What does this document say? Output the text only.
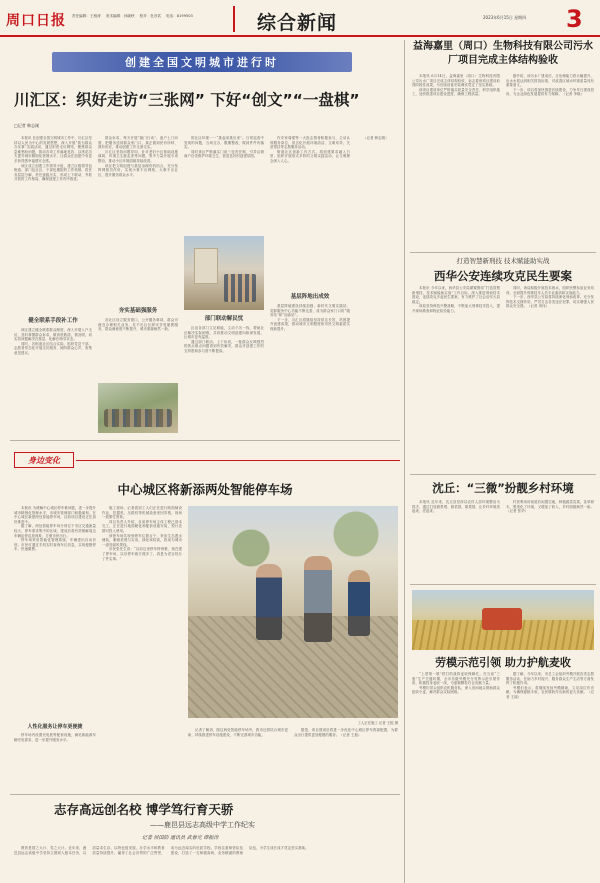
周口日报 责任编辑：王相涛 美术编辑：孙晓秋 校对：杜彦武 电话：8199503	综合新闻	2023年6月15日 星期四 3
创建全国文明城市进行时
川汇区：织好走访“三张网” 下好“创文”“一盘棋”
□记者 韩志刚

本报讯 在创建全国文明城市工作中，川汇区坚持以人民为中心的发展思想，深入开展“我为群众办实事”实践活动，通过织密走访网络，聚焦群众急难愁盼问题，推动各项工作落地见效，以绣花功夫提升城市精细化管理水平，让群众在创建中有更多获得感幸福感安全感。

该区成立创建工作领导小组，建立区级领导包街道、部门包社区、干部包楼院的工作机制，将任务层层分解，责任逐级压实，形成上下联动、齐抓共管的工作格局，确保创建工作有序推进。

健全联系手段补工作

该区建立健全联系群众制度，深入开展入户走访，及时掌握群众诉求，做到底数清、情况明，切实将问题解决在基层，化解在萌芽状态。

同时，各街道社区结合实际，组织党员干部、志愿者常态化开展走访服务，倾听群众心声，收集意见建议。

群众诉求，每天开展“敲门行动”，逐户上门问需，把服务送到群众家门口，真正做到民有所呼、我有所应，推动创建工作走深走实。

川汇区坚持问题导向，针对老旧小区基础设施薄弱、环境卫生脏乱差等问题，集中力量开展专项整治，推动小区环境面貌持续改善。

该区把文明创建与基层治理有机结合，充分发挥网格员作用，实现小事不出网格、大事不出社区，提升服务群众水平。

夯实基础强服务

各社区设立服务窗口，公开服务事项，群众可就近办理相关业务，足不出社区即可享受便捷服务，群众满意度不断提升，城市面貌焕然一新。

的社区环境一一“挑起来挑出来”。日常巡查中发现的问题，当场交办，限期整改，做到件件有落实。

同时该区严格落实门前三包责任制，引导沿街商户自觉维护环境卫生，营造良好的创建氛围。

部门联动解民忧

区直各部门立足职能，主动下沉一线，帮助社区解决实际困难，共同推动文明创建向纵深发展，让城市更有温度。

通过部门联动、上下协同，一批群众反映强烈的热点难点问题得到有效解决，群众对创建工作的支持度和参与度不断提高。

作安家周强等一大批志愿者积极参与，主动认领服务岗位，常态化开展环境清洁、文明劝导、关爱帮扶等志愿服务活动。

街道社区创新工作方式，将创建要求融入日常，组织开展形式多样的文明实践活动，让文明理念深入人心。

基层阵地出成效

基层阵地建设持续加强，新时代文明实践站、党群服务中心功能不断完善，成为群众家门口的“服务站”和“加油站”。

下一步，川汇区将继续坚持常态长效，巩固提升创建成果，推动城市文明程度和市民文明素质实现新提升。

（记者 韩志刚）

身边变化
中心城区将新添两处智能停车场

本报讯 为缓解中心城区停车难问题，进一步提升城市精细化管理水平，市城市管理部门积极谋划，在中心城区新建两处智能停车场，目前项目建设正在加快推进中。

据了解，两处智能停车场分别位于市区交通流量较大、停车需求集中的区域，建成后将有效缓解周边车辆乱停乱放现象，方便市民出行。

停车场采用智能化管理系统，车辆进出自动识别，市民可通过手机实时查询车位信息，实现便捷停车、快速缴费。

人性化服务让停车更便捷

停车场内设置充电桩等配套设施，满足新能源车辆充电需求，进一步提升服务水平。

施工现场，记者看到工人们正在进行路面铺设作业，挖掘机、压路机等机械设备来回穿梭，现场一派繁忙景象。

项目负责人介绍，目前停车场主体工程已基本完工，正在进行地面硬化和配套设施安装，预计近期可投入使用。

该停车场共规划停车位数百个，采用生态透水铺装，兼顾美观与实用，绿化率较高，将成为城市一道亮丽风景线。

市民张先生说：“以前这里停车特别难，现在建了停车场，以后停车就方便多了，真是为老百姓办了件实事。”

工人正在施工 记者 王振 摄

记者了解到，除这两处智能停车场外，我市还将结合城市更新，持续推进停车设施建设，不断完善城市功能。

据悉，项目建成后将进一步优化中心城区停车资源配置，为群众出行提供更加便捷的服务。（记者 王振）

志存高远创名校 博学笃行育天骄
——鹿邑县远志高级中学工作纪实
记者 侯国防 通讯员 武春光 谭振涛

教育是国之大计、党之大计。近年来，鹿邑县远志高级中学坚持立德树人根本任务，以质量求生存，以特色促发展，办学水平和教育质量持续提升，赢得了社会各界的广泛赞誉，成为远近闻名的优质学校。学校注重师资队伍建设，打造了一支师德高尚、业务精湛的教师队伍，为学生成长成才奠定坚实基础。

益海嘉里（周口）生物科技有限公司污水厂项目完成主体结构验收

本报讯 6月14日，益海嘉里（周口）生物科技有限公司污水厂项目完成主体结构验收，标志着该项目建设取得阶段性成果，为后续设备安装调试奠定了坚实基础。

该项目建设单位严格落实质量安全责任，科学组织施工，加快推进项目建设进度，确保工程质量。

据介绍，该污水厂建成后，日处理能力将大幅提升，出水水质达到相关排放标准，对改善区域水环境质量具有重要意义。

下一步，项目将加快推进后续建设，力争早日建成投用，为企业绿色发展提供有力保障。（记者 李晓）

打造智慧新刑技 技术赋能助实战
西华公安连续攻克民生要案

本报讯 今年以来，西华县公安局紧紧围绕“打造智慧新刑技、技术赋能助实战”工作目标，深入推进刑侦技术建设，连续攻克多起民生要案，有力维护了社会治安大局稳定。

该局坚持科技兴警战略，不断加大刑事技术投入，提升现场勘查和物证检验能力。

同时，该局积极开展技术练兵，组织民警参加业务培训，全面提升刑事技术人员专业素质和实战能力。

下一步，西华县公安局将持续深化刑侦改革，充分发挥技术支撑作用，严厉打击各类违法犯罪，切实增强人民群众安全感。（记者 刘伟）

沈丘：“三微”扮靓乡村环境

本报讯 近年来，沈丘县坚持以农村人居环境整治为抓手，通过打造微景观、微菜园、微果园，让乡村环境美起来、亮起来。

村民利用房前屋后闲置空地，种植蔬菜瓜果、花草树木，既美化了环境，又增加了收入，乡村面貌焕然一新。（记者 张华）

劳模示范引领 助力护航麦收

“上蔡第一联”铁打的战将麦收保障忙。在当前“三夏”生产关键时期，全市各级劳模充分发挥示范引领作用，积极投身麦收一线，为夏粮颗粒归仓贡献力量。

劳模们带头组织农机服务队，深入田间地头帮助群众抢收小麦，解决群众实际困难。

据了解，今年以来，市总工会组织劳模开展各类志愿服务活动，在助力乡村振兴、服务群众生产生活等方面发挥了积极作用。

劳模们表示，将继续发扬劳模精神，立足岗位作贡献，为确保夏粮丰收、农民增收作出新的更大贡献。（记者 王丽）
